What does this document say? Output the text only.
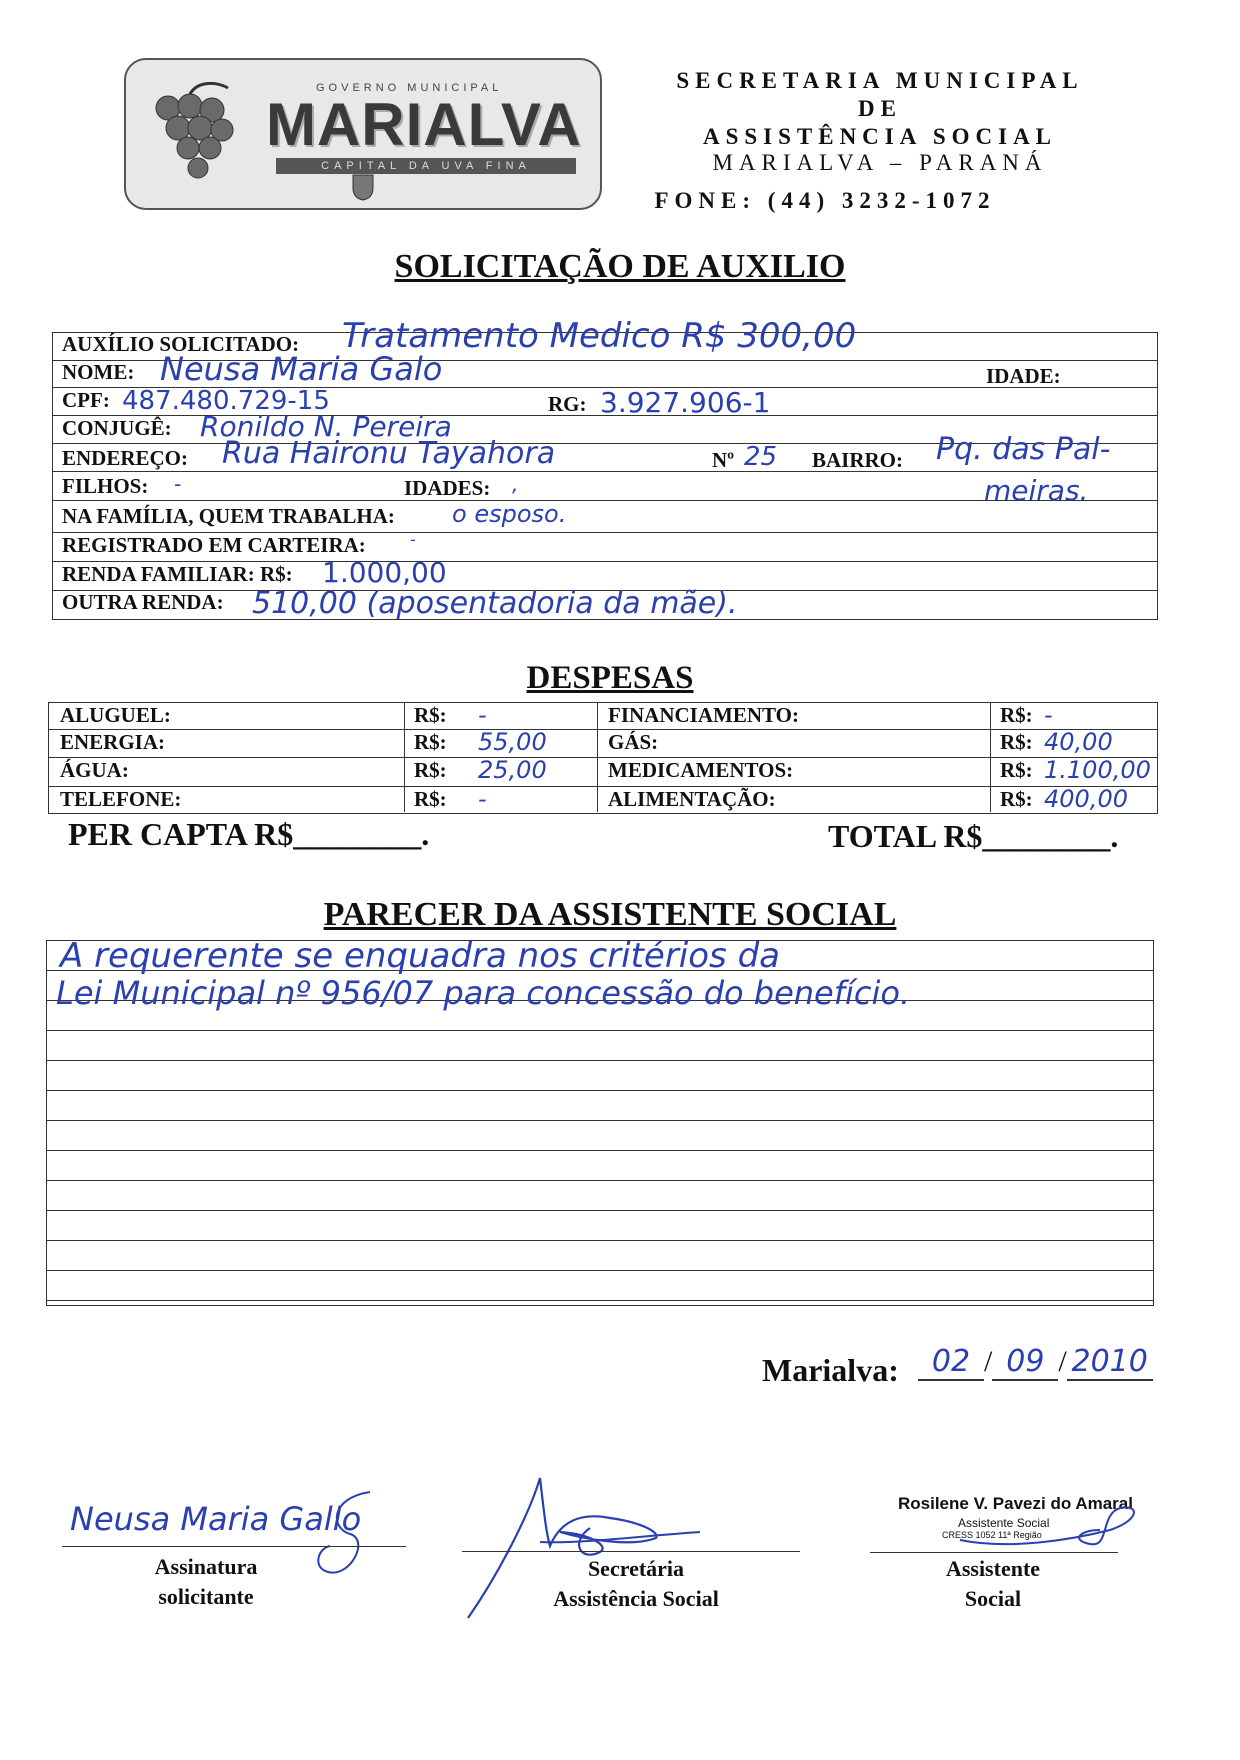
GOVERNO MUNICIPAL
MARIALVA
CAPITAL DA UVA FINA
SECRETARIA MUNICIPAL
DE
ASSISTÊNCIA SOCIAL
MARIALVA – PARANÁ
FONE: (44) 3232-1072
SOLICITAÇÃO DE AUXILIO
AUXÍLIO SOLICITADO: Tratamento Medico R$ 300,00
NOME: Neusa Maria Galo	IDADE:
CPF: 487.480.729-15	RG: 3.927.906-1
CONJUGÊ: Ronildo N. Pereira
ENDEREÇO: Rua Haironu Tayahora	Nº 25 BAIRRO: Pq. das Pal-
meiras.
FILHOS: -	IDADES: ,
NA FAMÍLIA, QUEM TRABALHA: o esposo.
REGISTRADO EM CARTEIRA:	-
RENDA FAMILIAR: R$: 1.000,00
OUTRA RENDA: 510,00 (aposentadoria da mãe).
DESPESAS
ALUGUEL:	R$: -	FINANCIAMENTO:	R$: -
ENERGIA:	R$: 55,00	GÁS:	R$: 40,00
ÁGUA:	R$: 25,00	MEDICAMENTOS:	R$: 1.100,00
TELEFONE:	R$: -	ALIMENTAÇÃO:	R$: 400,00
PER CAPTA R$________.	TOTAL R$________.
PARECER DA ASSISTENTE SOCIAL
A requerente se enquadra nos critérios da
Lei Municipal nº 956/07 para concessão do benefício.
Marialva:	02 / 09 / 2010
Neusa Maria Gallo
Assinatura
solicitante
Secretária
Assistência Social
Rosilene V. Pavezi do Amaral
Assistente Social
CRESS 1052 11ª Região
Assistente
Social
